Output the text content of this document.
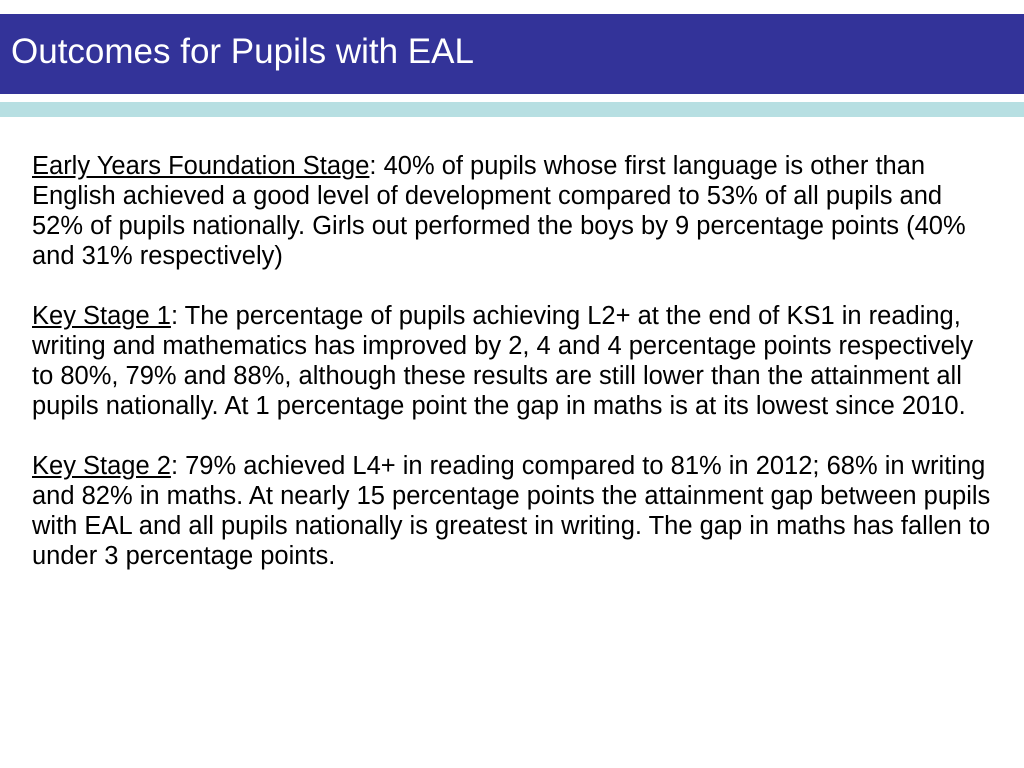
Outcomes for Pupils with EAL

Early Years Foundation Stage: 40% of pupils whose first language is other than English achieved a good level of development compared to 53% of all pupils and 52% of pupils nationally. Girls out performed the boys by 9 percentage points (40% and 31% respectively)

Key Stage 1: The percentage of pupils achieving L2+ at the end of KS1 in reading, writing and mathematics has improved by 2, 4 and 4 percentage points respectively to 80%, 79% and 88%, although these results are still lower than the attainment all pupils nationally. At 1 percentage point the gap in maths is at its lowest since 2010.

Key Stage 2: 79% achieved L4+ in reading compared to 81% in 2012; 68% in writing and 82% in maths. At nearly 15 percentage points the attainment gap between pupils with EAL and all pupils nationally is greatest in writing. The gap in maths has fallen to under 3 percentage points.
